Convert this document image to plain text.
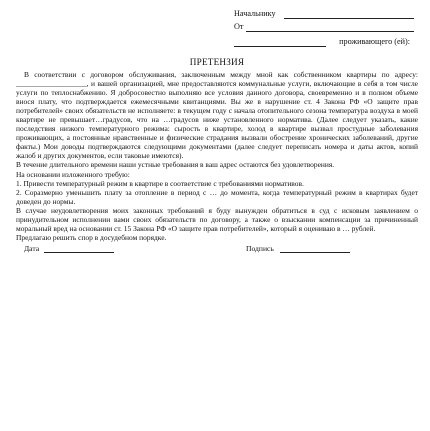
Начальнику
От
проживающего (ей):
ПРЕТЕНЗИЯ

В соответствии с договором обслуживания, заключенным между мной как собственником квартиры по адресу: ___________________, и вашей организацией, мне предоставляются коммунальные услуги, включающие в себя в том числе услуги по теплоснабжению. Я добросовестно выполняю все условия данного договора, своевременно и в полном объеме внося плату, что подтверждается ежемесячными квитанциями. Вы же в нарушение ст. 4 Закона РФ «О защите прав потребителей» своих обязательств не исполняете: в текущем году с начала отопительного сезона температура воздуха в моей квартире не превышает…градусов, что на …градусов ниже установленного норматива. (Далее следует указать, какие последствия низкого температурного режима: сырость в квартире, холод в квартире вызвал простудные заболевания проживающих, а постоянные нравственные и физические страдания вызвали обострение хронических заболеваний, другие факты.) Мои доводы подтверждаются следующими документами (далее следует переписать номера и даты актов, копий жалоб и других документов, если таковые имеются).

В течение длительного времени наши устные требования в ваш адрес остаются без удовлетворения.

На основании изложенного требую:

1. Привести температурный режим в квартире в соответствие с требованиями нормативов.

2. Соразмерно уменьшить плату за отопление в период с … до момента, когда температурный режим в квартирах будет доведен до нормы.

В случае неудовлетворения моих законных требований я буду вынужден обратиться в суд с исковым заявлением о принудительном исполнении вами своих обязательств по договору, а также о взыскании компенсации за причиненный моральный вред на основании ст. 15 Закона РФ «О защите прав потребителей», который я оцениваю в … рублей.

Предлагаю решить спор в досудебном порядке.

Дата	Подпись
